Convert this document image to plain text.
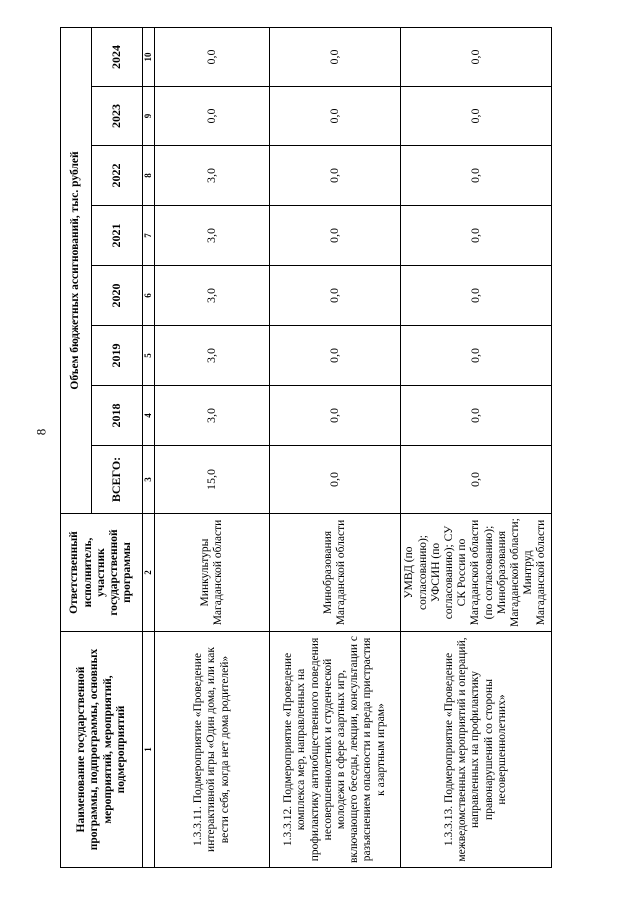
8
Наименование государственной программы, подпрограммы, основных мероприятий, мероприятий, подмероприятий	Ответственный исполнитель, участник государственной программы	Объем бюджетных ассигнований, тыс. рублей							
		ВСЕГО:	2018	2019	2020	2021	2022	2023	2024
1	2	3	4	5	6	7	8	9	10
1.3.3.11. Подмероприятие «Проведение интерактивной игры «Один дома, или как вести себя, когда нет дома родителей»	Минкультуры Магаданской области	15,0	3,0	3,0	3,0	3,0	3,0	0,0	0,0
1.3.3.12. Подмероприятие «Проведение комплекса мер, направленных на профилактику антиобщественного поведения несовершеннолетних и студенческой молодежи в сфере азартных игр, включающего беседы, лекции, консультации с разъяснением опасности и вреда пристрастия к азартным играм»	Минобразования Магаданской области	0,0	0,0	0,0	0,0	0,0	0,0	0,0	0,0
1.3.3.13. Подмероприятие «Проведение межведомственных мероприятий и операций, направленных на профилактику правонарушений со стороны несовершеннолетних»	УМВД (по согласованию); УФСИН (по согласованию); СУ СК России по Магаданской области (по согласованию); Минобразования Магаданской области; Минтруд Магаданской области	0,0	0,0	0,0	0,0	0,0	0,0	0,0	0,0
